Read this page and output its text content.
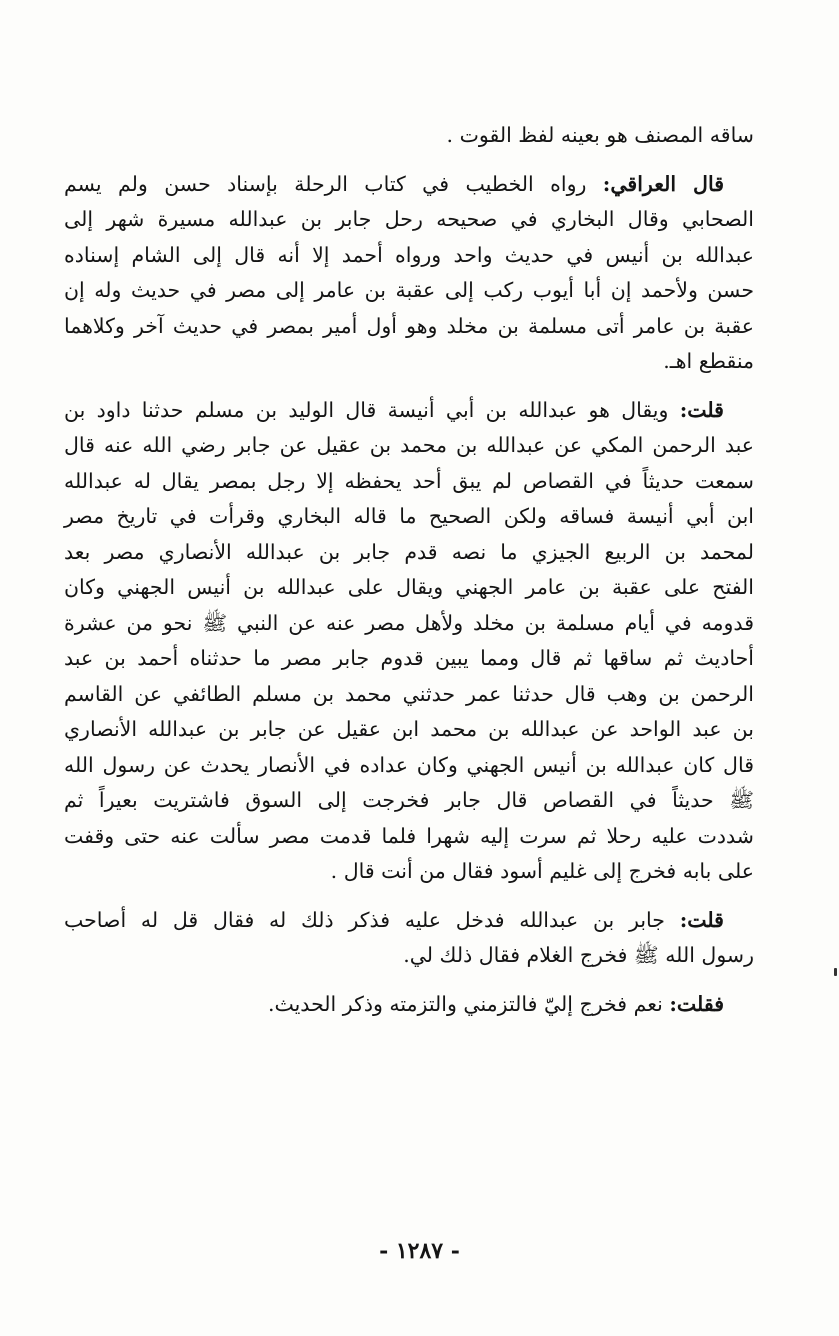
ساقه المصنف هو بعينه لفظ القوت .

قال العراقي: رواه الخطيب في كتاب الرحلة بإسناد حسن ولم يسم

الصحابي وقال البخاري في صحيحه رحل جابر بن عبدالله مسيرة شهر إلى

عبدالله بن أنيس في حديث واحد ورواه أحمد إلا أنه قال إلى الشام إسناده

حسن ولأحمد إن أبا أيوب ركب إلى عقبة بن عامر إلى مصر في حديث وله إن

عقبة بن عامر أتى مسلمة بن مخلد وهو أول أمير بمصر في حديث آخر وكلاهما

منقطع اهـ.

قلت: ويقال هو عبدالله بن أبي أنيسة قال الوليد بن مسلم حدثنا داود بن

عبد الرحمن المكي عن عبدالله بن محمد بن عقيل عن جابر رضي الله عنه قال

سمعت حديثاً في القصاص لم يبق أحد يحفظه إلا رجل بمصر يقال له عبدالله

ابن أبي أنيسة فساقه ولكن الصحيح ما قاله البخاري وقرأت في تاريخ مصر

لمحمد بن الربيع الجيزي ما نصه قدم جابر بن عبدالله الأنصاري مصر بعد

الفتح على عقبة بن عامر الجهني ويقال على عبدالله بن أنيس الجهني وكان

قدومه في أيام مسلمة بن مخلد ولأهل مصر عنه عن النبي ﷺ نحو من عشرة

أحاديث ثم ساقها ثم قال ومما يبين قدوم جابر مصر ما حدثناه أحمد بن عبد

الرحمن بن وهب قال حدثنا عمر حدثني محمد بن مسلم الطائفي عن القاسم

بن عبد الواحد عن عبدالله بن محمد ابن عقيل عن جابر بن عبدالله الأنصاري

قال كان عبدالله بن أنيس الجهني وكان عداده في الأنصار يحدث عن رسول الله

ﷺ حديثاً في القصاص قال جابر فخرجت إلى السوق فاشتريت بعيراً ثم

شددت عليه رحلا ثم سرت إليه شهرا فلما قدمت مصر سألت عنه حتى وقفت

على بابه فخرج إلى غليم أسود فقال من أنت قال .

قلت: جابر بن عبدالله فدخل عليه فذكر ذلك له فقال قل له أصاحب

رسول الله ﷺ فخرج الغلام فقال ذلك لي.

فقلت: نعم فخرج إليّ فالتزمني والتزمته وذكر الحديث.

- ١٢٨٧ -
